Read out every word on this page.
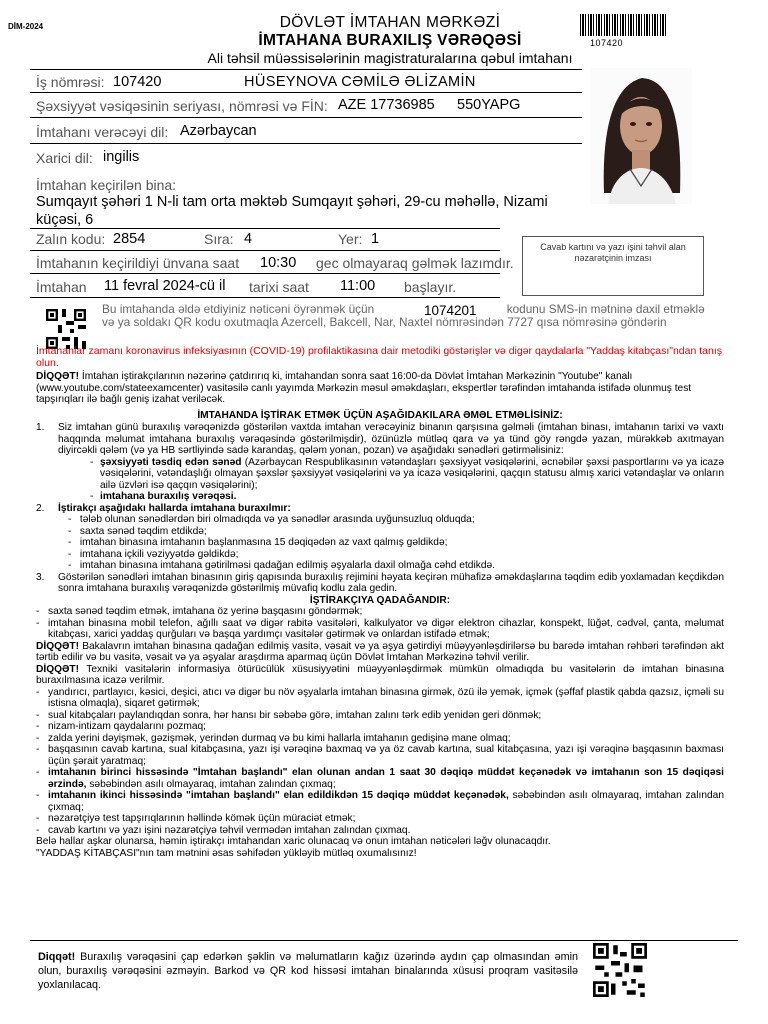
DİM-2024	DÖVLƏT İMTAHAN MƏRKƏZİ
İMTAHANA BURAXILIŞ VƏRƏQƏSİ
Ali təhsil müəssisələrinin magistraturalarına qəbul imtahanı
107420
İş nömrəsi: 107420	HÜSEYNOVA CƏMİLƏ ƏLİZAMİN
Şəxsiyyət vəsiqəsinin seriyası, nömrəsi və FİN: AZE 17736985 550YAPG
İmtahanı verəcəyi dil: Azərbaycan
Xarici dil: ingilis
İmtahan keçirilən bina:
Sumqayıt şəhəri 1 N-li tam orta məktəb Sumqayıt şəhəri, 29-cu məhəllə, Nizami
küçəsi, 6
Zalın kodu: 2854	Sıra: 4	Yer: 1
İmtahanın keçirildiyi ünvana saat 10:30 gec olmayaraq gəlmək lazımdır.
İmtahan 11 fevral 2024-cü il tarixi saat 11:00 başlayır.
Cavab kartını və yazı işini təhvil alan nəzarətçinin imzası
Bu imtahanda əldə etdiyiniz nəticəni öyrənmək üçün	kodunu SMS-in mətninə daxil etməklə və ya soldakı QR kodu oxutmaqla Azercell, Bakcell, Nar, Naxtel nömrəsindən 7727 qısa nömrəsinə göndərin
1074201
İmtahanlar zamanı koronavirus infeksiyasının (COVID-19) profilaktikasına dair metodiki göstərişlər və digər qaydalarla "Yaddaş kitabçası"ndan tanış olun.
DİQQƏT! İmtahan iştirakçılarının nəzərinə çatdırırıq ki, imtahandan sonra saat 16:00-da Dövlət İmtahan Mərkəzinin "Youtube" kanalı (www.youtube.com/stateexamcenter) vasitəsilə canlı yayımda Mərkəzin məsul əməkdaşları, ekspertlər tərəfindən imtahanda istifadə olunmuş test tapşırıqları ilə bağlı geniş izahat veriləcək.
İMTAHANDA İŞTİRAK ETMƏK ÜÇÜN AŞAĞIDAKILARA ƏMƏL ETMƏLİSİNİZ:
1.	Siz imtahan günü buraxılış vərəqənizdə göstərilən vaxtda imtahan verəcəyiniz binanın qarşısına gəlməli (imtahan binası, imtahanın tarixi və vaxtı haqqında məlumat imtahana buraxılış vərəqəsində göstərilmişdir), özünüzlə mütləq qara və ya tünd göy rəngdə yazan, mürəkkəb axıtmayan diyircəkli qələm (və ya HB sərtliyində sadə karandaş, qələm yonan, pozan) və aşağıdakı sənədləri gətirməlisiniz:
- şəxsiyyəti təsdiq edən sənəd (Azərbaycan Respublikasının vətəndaşları şəxsiyyət vəsiqələrini, əcnəbilər şəxsi pasportlarını və ya icazə vəsiqələrini, vətəndaşlığı olmayan şəxslər şəxsiyyət vəsiqələrini və ya icazə vəsiqələrini, qaçqın statusu almış xarici vətəndaşlar və onların ailə üzvləri isə qaçqın vəsiqələrini);
- imtahana buraxılış vərəqəsi.
2.	İştirakçı aşağıdakı hallarda imtahana buraxılmır:
-   tələb olunan sənədlərdən biri olmadıqda və ya sənədlər arasında uyğunsuzluq olduqda;
-   saxta sənəd təqdim etdikdə;
-   imtahan binasına imtahanın başlanmasına 15 dəqiqədən az vaxt qalmış gəldikdə;
-   imtahana içkili vəziyyətdə gəldikdə;
-   imtahan binasına imtahana gətirilməsi qadağan edilmiş əşyalarla daxil olmağa cəhd etdikdə.
3.	Göstərilən sənədləri imtahan binasının giriş qapısında buraxılış rejimini həyata keçirən mühafizə əməkdaşlarına təqdim edib yoxlamadan keçdikdən sonra imtahana buraxılış vərəqənizdə göstərilmiş müvafiq kodlu zala gedin.
İŞTİRAKÇIYA QADAĞANDIR:
- saxta sənəd təqdim etmək, imtahana öz yerinə başqasını göndərmək;
- imtahan binasına mobil telefon, ağıllı saat və digər rabitə vasitələri, kalkulyator və digər elektron cihazlar, konspekt, lüğət, cədvəl, çanta, məlumat kitabçası, xarici yaddaş qurğuları və başqa yardımçı vasitələr gətirmək və onlardan istifadə etmək;
DİQQƏT! Bakalavrın imtahan binasına qadağan edilmiş vasitə, vəsait və ya əşya gətirdiyi müəyyənləşdirilərsə bu barədə imtahan rəhbəri tərəfindən akt tərtib edilir və bu vasitə, vəsait və ya əşyalar araşdırma aparmaq üçün Dövlət İmtahan Mərkəzinə təhvil verilir.
DİQQƏT! Texniki vasitələrin informasiya ötürücülük xüsusiyyətini müəyyənləşdirmək mümkün olmadıqda bu vasitələrin də imtahan binasına buraxılmasına icazə verilmir.
- yandırıcı, partlayıcı, kəsici, deşici, atıcı və digər bu növ əşyalarla imtahan binasına girmək, özü ilə yemək, içmək (şəffaf plastik qabda qazsız, içməli su istisna olmaqla), siqaret gətirmək;
- sual kitabçaları paylandıqdan sonra, hər hansı bir səbəbə görə, imtahan zalını tərk edib yenidən geri dönmək;
- nizam-intizam qaydalarını pozmaq;
- zalda yerini dəyişmək, gəzişmək, yerindən durmaq və bu kimi hallarla imtahanın gedişinə mane olmaq;
- başqasının cavab kartına, sual kitabçasına, yazı işi vərəqinə baxmaq və ya öz cavab kartına, sual kitabçasına, yazı işi vərəqinə başqasının baxması üçün şərait yaratmaq;
- imtahanın birinci hissəsində "İmtahan başlandı" elan olunan andan 1 saat 30 dəqiqə müddət keçənədək və imtahanın son 15 dəqiqəsi ərzində, səbəbindən asılı olmayaraq, imtahan zalından çıxmaq;
- imtahanın ikinci hissəsində "imtahan başlandı" elan edildikdən 15 dəqiqə müddət keçənədək, səbəbindən asılı olmayaraq, imtahan zalından çıxmaq;
- nəzarətçiyə test tapşırıqlarının həllində kömək üçün müraciət etmək;
- cavab kartını və yazı işini nəzarətçiyə təhvil vermədən imtahan zalından çıxmaq.
Belə hallar aşkar olunarsa, həmin iştirakçı imtahandan xaric olunacaq və onun imtahan nəticələri ləğv olunacaqdır.
"YADDAŞ KİTABÇASI"nın tam mətnini əsas səhifədən yükləyib mütləq oxumalısınız!
Diqqət! Buraxılış vərəqəsini çap edərkən şəklin və məlumatların kağız üzərində aydın çap olmasından əmin olun, buraxılış vərəqəsini əzməyin. Barkod və QR kod hissəsi imtahan binalarında xüsusi proqram vasitəsilə yoxlanılacaq.
